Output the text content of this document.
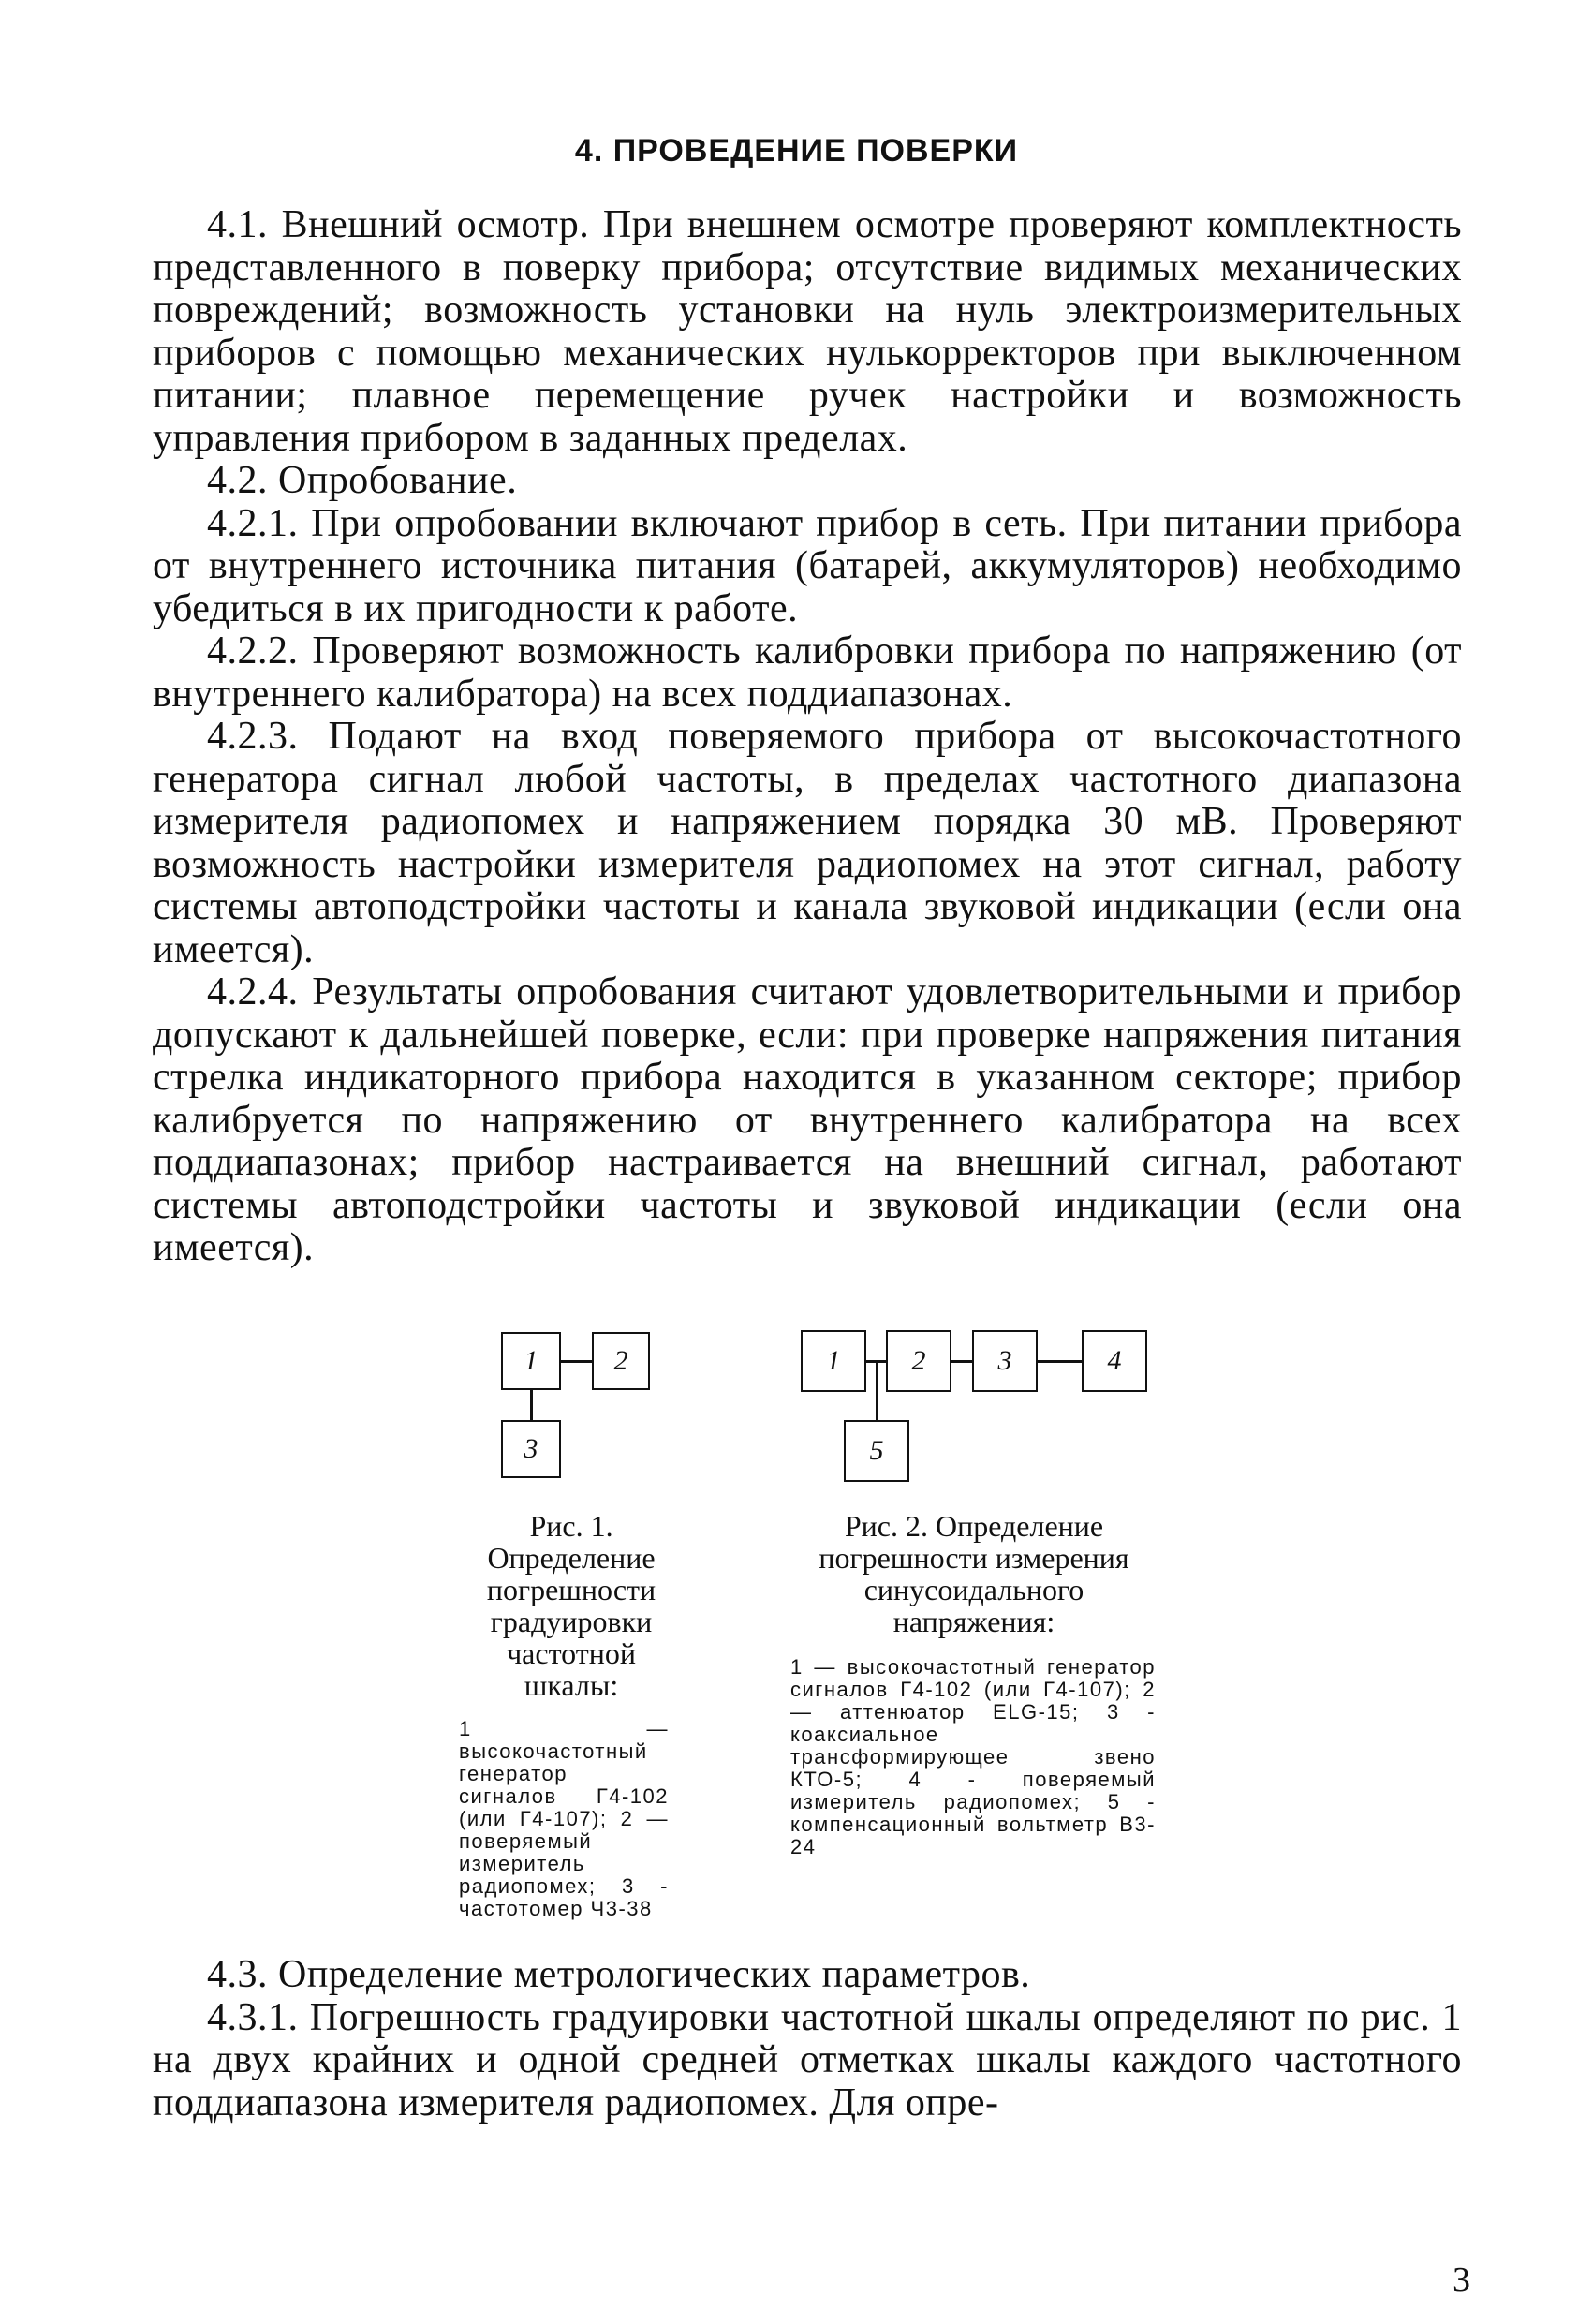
4. ПРОВЕДЕНИЕ ПОВЕРКИ

4.1. Внешний осмотр. При внешнем осмотре проверяют комплектность представленного в поверку прибора; отсутствие видимых механических повреждений; возможность установки на нуль электроизмерительных приборов с помощью механических нулькорректоров при выключенном питании; плавное перемещение ручек настройки и возможность управления прибором в заданных пределах.

4.2. Опробование.

4.2.1. При опробовании включают прибор в сеть. При питании прибора от внутреннего источника питания (батарей, аккумуляторов) необходимо убедиться в их пригодности к работе.

4.2.2. Проверяют возможность калибровки прибора по напряжению (от внутреннего калибратора) на всех поддиапазонах.

4.2.3. Подают на вход поверяемого прибора от высокочастотного генератора сигнал любой частоты, в пределах частотного диапазона измерителя радиопомех и напряжением порядка 30 мВ. Проверяют возможность настройки измерителя радиопомех на этот сигнал, работу системы автоподстройки частоты и канала звуковой индикации (если она имеется).

4.2.4. Результаты опробования считают удовлетворительными и прибор допускают к дальнейшей поверке, если: при проверке напряжения питания стрелка индикаторного прибора находится в указанном секторе; прибор калибруется по напряжению от внутреннего калибратора на всех поддиапазонах; прибор настраивается на внешний сигнал, работают системы автоподстройки частоты и звуковой индикации (если она имеется).

1	2
3
Рис. 1. Определение погрешности градуировки частотной шкалы:
1 — высокочастотный генератор сигналов Г4-102 (или Г4-107); 2 — поверяемый измеритель радиопомех; 3 - частотомер Ч3-38
1	2	3	4
5
Рис. 2. Определение погрешности измерения синусоидального напряжения:
1 — высокочастотный генератор сигналов Г4-102 (или Г4-107); 2 — аттенюатор ELG-15; 3 - коаксиальное трансформирующее звено КТО-5; 4 - поверяемый измеритель радиопомех; 5 - компенсационный вольтметр В3-24

4.3. Определение метрологических параметров.

4.3.1. Погрешность градуировки частотной шкалы определяют по рис. 1 на двух крайних и одной средней отметках шкалы каждого частотного поддиапазона измерителя радиопомех. Для опре-

3
